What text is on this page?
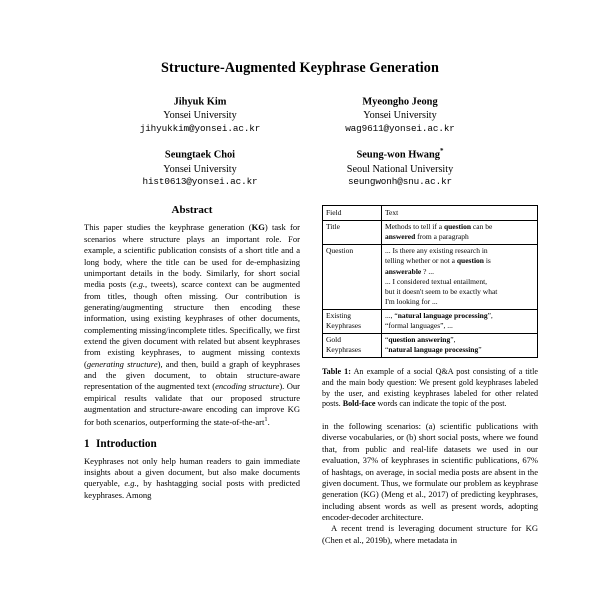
Structure-Augmented Keyphrase Generation
Jihyuk Kim
Yonsei University
jihyukkim@yonsei.ac.kr
Myeongho Jeong
Yonsei University
wag9611@yonsei.ac.kr
Seungtaek Choi
Yonsei University
hist0613@yonsei.ac.kr
Seung-won Hwang*
Seoul National University
seungwonh@snu.ac.kr
Abstract

This paper studies the keyphrase generation (KG) task for scenarios where structure plays an important role. For example, a scientific publication consists of a short title and a long body, where the title can be used for de-emphasizing unimportant details in the body. Similarly, for short social media posts (e.g., tweets), scarce context can be augmented from titles, though often missing. Our contribution is generating/augmenting structure then encoding these information, using existing keyphrases of other documents, complementing missing/incomplete titles. Specifically, we first extend the given document with related but absent keyphrases from existing keyphrases, to augment missing contexts (generating structure), and then, build a graph of keyphrases and the given document, to obtain structure-aware representation of the augmented text (encoding structure). Our empirical results validate that our proposed structure augmentation and structure-aware encoding can improve KG for both scenarios, outperforming the state-of-the-art$^1$.

1 Introduction

Keyphrases not only help human readers to gain immediate insights about a given document, but also make documents queryable, e.g., by hashtagging social posts with predicted keyphrases. Among

Field	Text
Title	Methods to tell if a question can be
answered from a paragraph

Question	... Is there any existing research in
telling whether or not a question is
answerable ? ...
... I considered textual entailment,
but it doesn't seem to be exactly what
I'm looking for ...

Existing
Keyphrases	..., “natural language processing”,
“formal languages”, ...

Gold
Keyphrases	“question answering”,
“natural language processing”
Table 1: An example of a social Q&A post consisting of a title and the main body question: We present gold keyphrases labeled by the user, and existing keyphrases labeled for other related posts. Bold-face words can indicate the topic of the post.

in the following scenarios: (a) scientific publications with diverse vocabularies, or (b) short social posts, where we found that, from public and real-life datasets we used in our evaluation, 37% of keyphrases in scientific publications, 67% of hashtags, on average, in social media posts are absent in the given document. Thus, we formulate our problem as keyphrase generation (KG) (Meng et al., 2017) of predicting keyphrases, including absent words as well as present words, adopting encoder-decoder architecture.

A recent trend is leveraging document structure for KG (Chen et al., 2019b), where metadata in
